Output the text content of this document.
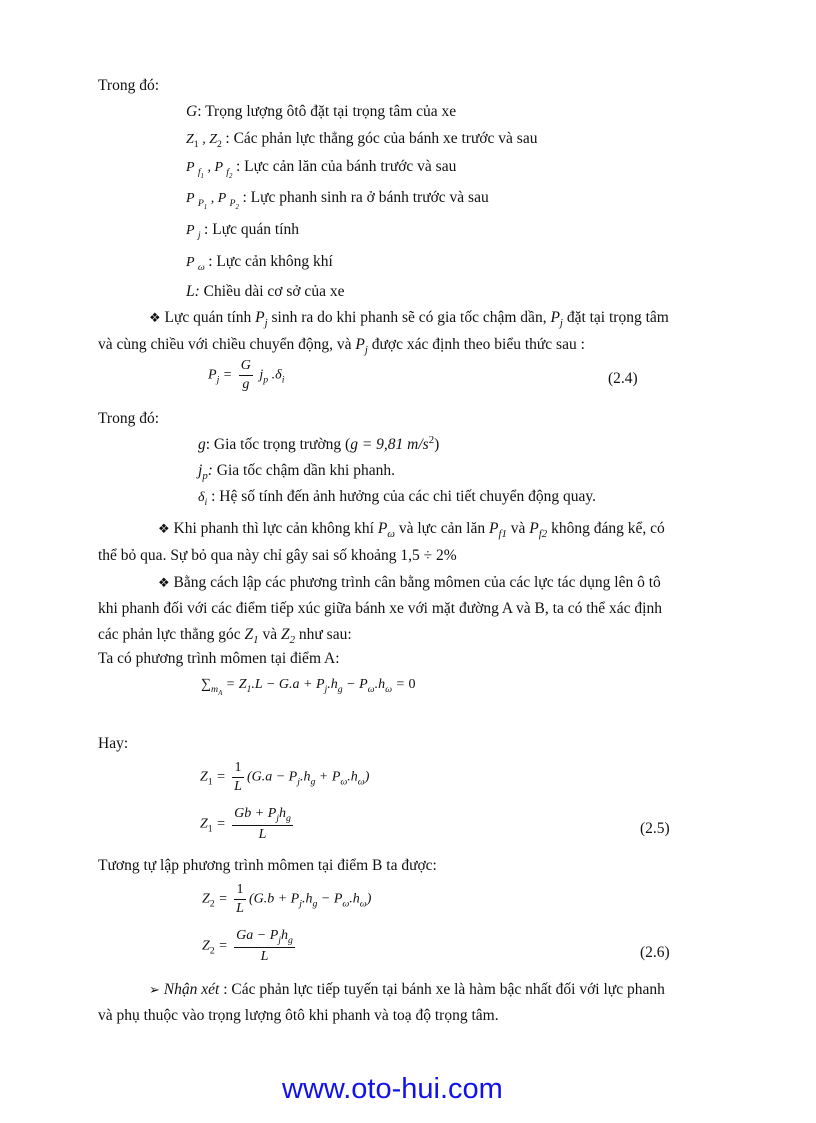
Trong đó:
G: Trọng lượng ôtô đặt tại trọng tâm của xe
$Z_1$ , $Z_2$ : Các phản lực thẳng góc của bánh xe trước và sau
P $_{f_1}$ , P $_{f_2}$ : Lực cản lăn của bánh trước và sau
P $_{P_1}$ , P $_{P_2}$ : Lực phanh sinh ra ở bánh trước và sau
P $_j$ : Lực quán tính
P $_\omega$ : Lực cản không khí
L: Chiều dài cơ sở của xe
❖ Lực quán tính $P_j$ sinh ra do khi phanh sẽ có gia tốc chậm dần, $P_j$ đặt tại trọng tâm
và cùng chiều với chiều chuyển động, và $P_j$ được xác định theo biểu thức sau :
$P_j = \frac{G}{g} j_p$ $.\delta_i$	(2.4)
Trong đó:
g: Gia tốc trọng trường (g = 9,81 $m/s^2$)
$j_p$: Gia tốc chậm dần khi phanh.
$\delta_i$ : Hệ số tính đến ảnh hưởng của các chi tiết chuyển động quay.
❖ Khi phanh thì lực cản không khí $P_\omega$ và lực cản lăn $P_{f1}$ và $P_{f2}$ không đáng kể, có
thể bỏ qua. Sự bỏ qua này chỉ gây sai số khoảng 1,5 ÷ 2%
❖ Bằng cách lập các phương trình cân bằng mômen của các lực tác dụng lên ô tô
khi phanh đối với các điểm tiếp xúc giữa bánh xe với mặt đường A và B, ta có thể xác định
các phản lực thẳng góc $Z_1$ và $Z_2$ như sau:
Ta có phương trình mômen tại điểm A:
$\sum_{m_A} = Z_1.L - G.a + P_j.h_g - P_\omega.h_\omega = 0$
Hay:
$Z_1 = \frac{1}{L} (G.a - P_j.h_g + P_\omega.h_\omega)$
$Z_1 = \frac{Gb + P_jh_g}{L}$	(2.5)
Tương tự lập phương trình mômen tại điểm B ta được:
$Z_2 = \frac{1}{L} (G.b + P_j.h_g - P_\omega.h_\omega)$
$Z_2 = \frac{Ga - P_jh_g}{L}$	(2.6)
➢ Nhận xét : Các phản lực tiếp tuyến tại bánh xe là hàm bậc nhất đối với lực phanh
và phụ thuộc vào trọng lượng ôtô khi phanh và toạ độ trọng tâm.
www.oto-hui.com
